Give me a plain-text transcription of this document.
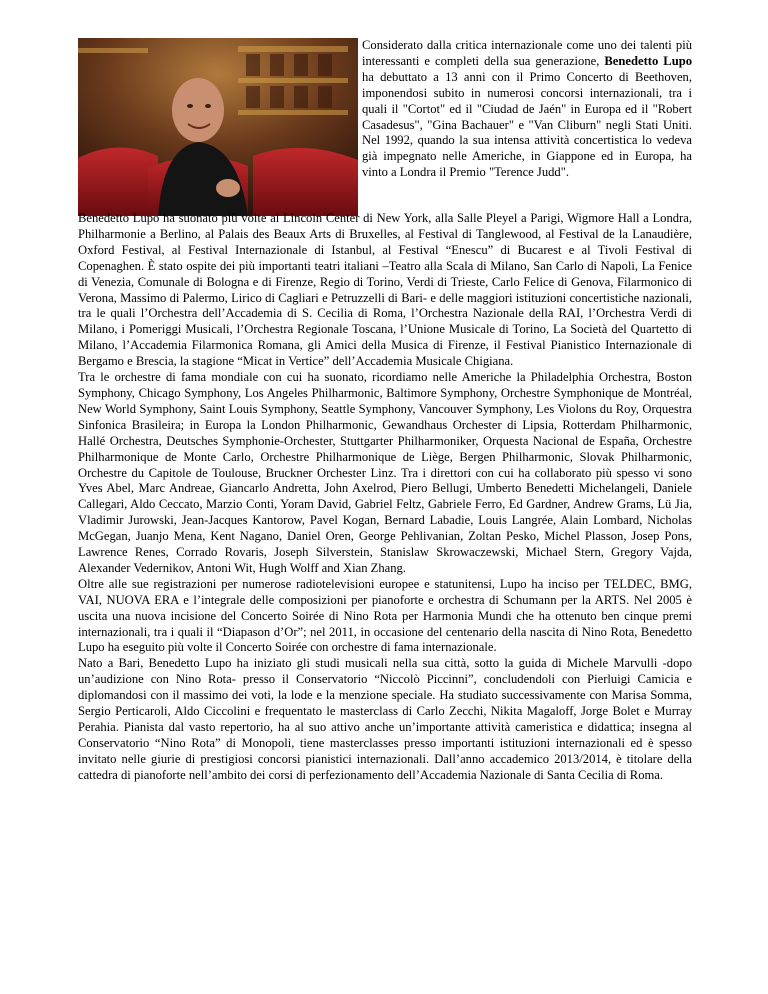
Considerato dalla critica internazionale come uno dei talenti più interessanti e completi della sua generazione, Benedetto Lupo ha debuttato a 13 anni con il Primo Concerto di Beethoven, imponendosi subito in numerosi concorsi internazionali, tra i quali il "Cortot" ed il "Ciudad de Jaén" in Europa ed il "Robert Casadesus", "Gina Bachauer" e "Van Cliburn" negli Stati Uniti. Nel 1992, quando la sua intensa attività concertistica lo vedeva già impegnato nelle Americhe, in Giappone ed in Europa, ha vinto a Londra il Premio "Terence Judd".

Benedetto Lupo ha suonato più volte al Lincoln Center di New York, alla Salle Pleyel a Parigi, Wigmore Hall a Londra, Philharmonie a Berlino, al Palais des Beaux Arts di Bruxelles, al Festival di Tanglewood, al Festival de la Lanaudière, Oxford Festival, al Festival Internazionale di Istanbul, al Festival “Enescu” di Bucarest e al Tivoli Festival di Copenaghen. È stato ospite dei più importanti teatri italiani –Teatro alla Scala di Milano, San Carlo di Napoli, La Fenice di Venezia, Comunale di Bologna e di Firenze, Regio di Torino, Verdi di Trieste, Carlo Felice di Genova, Filarmonico di Verona, Massimo di Palermo, Lirico di Cagliari e Petruzzelli di Bari- e delle maggiori istituzioni concertistiche nazionali, tra le quali l’Orchestra dell’Accademia di S. Cecilia di Roma, l’Orchestra Nazionale della RAI, l’Orchestra Verdi di Milano, i Pomeriggi Musicali, l’Orchestra Regionale Toscana, l’Unione Musicale di Torino, La Società del Quartetto di Milano, l’Accademia Filarmonica Romana, gli Amici della Musica di Firenze, il Festival Pianistico Internazionale di Bergamo e Brescia, la stagione “Micat in Vertice” dell’Accademia Musicale Chigiana.

Tra le orchestre di fama mondiale con cui ha suonato, ricordiamo nelle Americhe la Philadelphia Orchestra, Boston Symphony, Chicago Symphony, Los Angeles Philharmonic, Baltimore Symphony, Orchestre Symphonique de Montréal, New World Symphony, Saint Louis Symphony, Seattle Symphony, Vancouver Symphony, Les Violons du Roy, Orquestra Sinfonica Brasileira; in Europa la London Philharmonic, Gewandhaus Orchester di Lipsia, Rotterdam Philharmonic, Hallé Orchestra, Deutsches Symphonie-Orchester, Stuttgarter Philharmoniker, Orquesta Nacional de España, Orchestre Philharmonique de Monte Carlo, Orchestre Philharmonique de Liège, Bergen Philharmonic, Slovak Philharmonic, Orchestre du Capitole de Toulouse, Bruckner Orchester Linz. Tra i direttori con cui ha collaborato più spesso vi sono Yves Abel, Marc Andreae, Giancarlo Andretta, John Axelrod, Piero Bellugi, Umberto Benedetti Michelangeli, Daniele Callegari, Aldo Ceccato, Marzio Conti, Yoram David, Gabriel Feltz, Gabriele Ferro, Ed Gardner, Andrew Grams, Lü Jia, Vladimir Jurowski, Jean-Jacques Kantorow, Pavel Kogan, Bernard Labadie, Louis Langrée, Alain Lombard, Nicholas McGegan, Juanjo Mena, Kent Nagano, Daniel Oren, George Pehlivanian, Zoltan Pesko, Michel Plasson, Josep Pons, Lawrence Renes, Corrado Rovaris, Joseph Silverstein, Stanislaw Skrowaczewski, Michael Stern, Gregory Vajda, Alexander Vedernikov, Antoni Wit, Hugh Wolff and Xian Zhang.

Oltre alle sue registrazioni per numerose radiotelevisioni europee e statunitensi, Lupo ha inciso per TELDEC, BMG, VAI, NUOVA ERA e l’integrale delle composizioni per pianoforte e orchestra di Schumann per la ARTS. Nel 2005 è uscita una nuova incisione del Concerto Soirée di Nino Rota per Harmonia Mundi che ha ottenuto ben cinque premi internazionali, tra i quali il “Diapason d’Or”; nel 2011, in occasione del centenario della nascita di Nino Rota, Benedetto Lupo ha eseguito più volte il Concerto Soirée con orchestre di fama internazionale.

Nato a Bari, Benedetto Lupo ha iniziato gli studi musicali nella sua città, sotto la guida di Michele Marvulli -dopo un’audizione con Nino Rota- presso il Conservatorio “Niccolò Piccinni”, concludendoli con Pierluigi Camicia e diplomandosi con il massimo dei voti, la lode e la menzione speciale. Ha studiato successivamente con Marisa Somma, Sergio Perticaroli, Aldo Ciccolini e frequentato le masterclass di Carlo Zecchi, Nikita Magaloff, Jorge Bolet e Murray Perahia. Pianista dal vasto repertorio, ha al suo attivo anche un’importante attività cameristica e didattica; insegna al Conservatorio “Nino Rota” di Monopoli, tiene masterclasses presso importanti istituzioni internazionali ed è spesso invitato nelle giurie di prestigiosi concorsi pianistici internazionali. Dall’anno accademico 2013/2014, è titolare della cattedra di pianoforte nell’ambito dei corsi di perfezionamento dell’Accademia Nazionale di Santa Cecilia di Roma.
